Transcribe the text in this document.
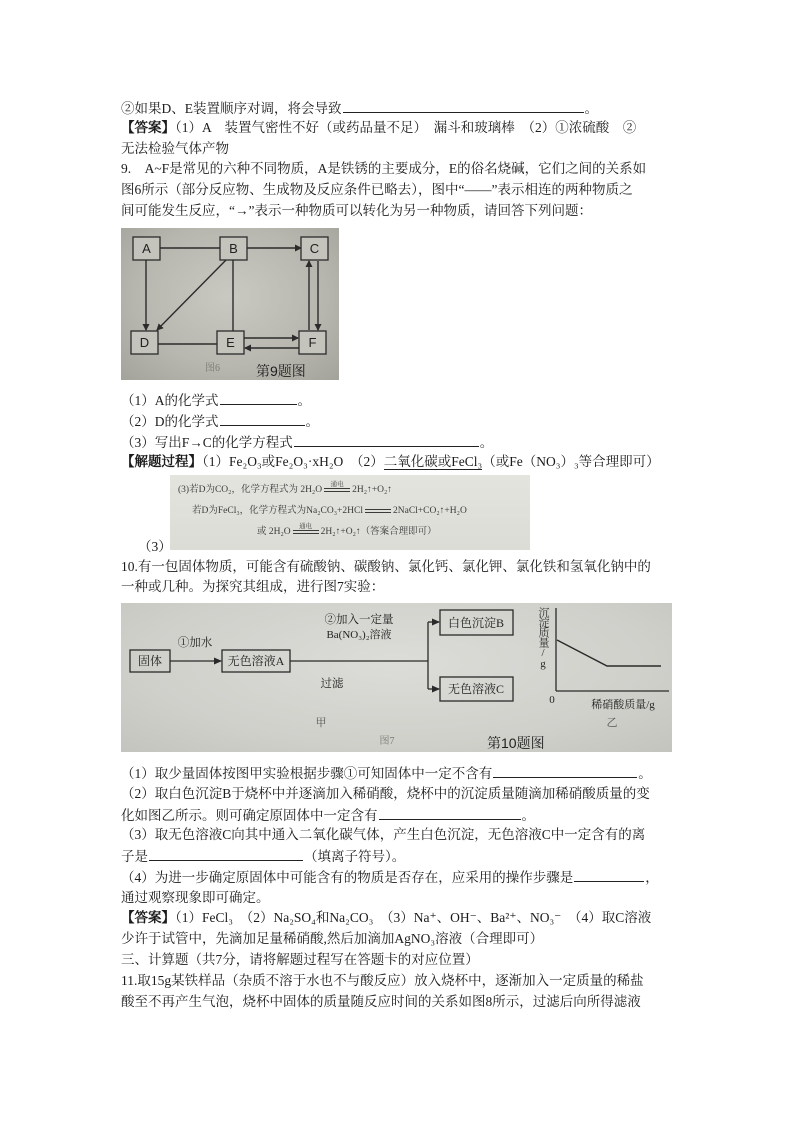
②如果D、E装置顺序对调，将会导致	。
【答案】（1）A　装置气密性不好（或药品量不足）　漏斗和玻璃棒　（2）①浓硫酸　②
无法检验气体产物
9.　A~F是常见的六种不同物质，A是铁锈的主要成分，E的俗名烧碱，它们之间的关系如
图6所示（部分反应物、生成物及反应条件已略去），图中“——”表示相连的两种物质之
间可能发生反应，“→”表示一种物质可以转化为另一种物质，请回答下列问题：
A	B	C
D	E	F
图6	第9题图
（1）A的化学式	。
（2）D的化学式	。
（3）写出F→C的化学方程式	。
【解题过程】（1）Fe₂O₃或Fe₂O₃·xH₂O　（2）二氧化碳或FeCl₃（或Fe（NO₃）₃等合理即可）
(3)若D为CO₂，化学方程式为 2H₂O
通电
2H₂↑+O₂↑
若D为FeCl₃，化学方程式为Na₂CO₃+2HCl	2NaCl+CO₂↑+H₂O
或 2H₂O
通电
2H₂↑+O₂↑（答案合理即可）
（3）
10.有一包固体物质，可能含有硫酸钠、碳酸钠、氯化钙、氯化钾、氯化铁和氢氧化钠中的
一种或几种。为探究其组成，进行图7实验：
固体
①加水
无色溶液A
②加入一定量
Ba(NO₃)₂溶液
过滤
白色沉淀B
无色溶液C
0	稀硝酸质量/g
甲	乙
图7	第10题图
沉淀质量/g
（1）取少量固体按图甲实验根据步骤①可知固体中一定不含有	。
（2）取白色沉淀B于烧杯中并逐滴加入稀硝酸，烧杯中的沉淀质量随滴加稀硝酸质量的变
化如图乙所示。则可确定原固体中一定含有	。
（3）取无色溶液C向其中通入二氧化碳气体，产生白色沉淀，无色溶液C中一定含有的离
子是	（填离子符号）。
（4）为进一步确定原固体中可能含有的物质是否存在，应采用的操作步骤是	，
通过观察现象即可确定。
【答案】（1）FeCl₃　（2）Na₂SO₄和Na₂CO₃　（3）Na⁺、OH⁻、Ba²⁺、NO₃⁻　（4）取C溶液
少许于试管中，先滴加足量稀硝酸,然后加滴加AgNO₃溶液（合理即可）
三、计算题（共7分，请将解题过程写在答题卡的对应位置）
11.取15g某铁样品（杂质不溶于水也不与酸反应）放入烧杯中，逐渐加入一定质量的稀盐
酸至不再产生气泡，烧杯中固体的质量随反应时间的关系如图8所示，过滤后向所得滤液
